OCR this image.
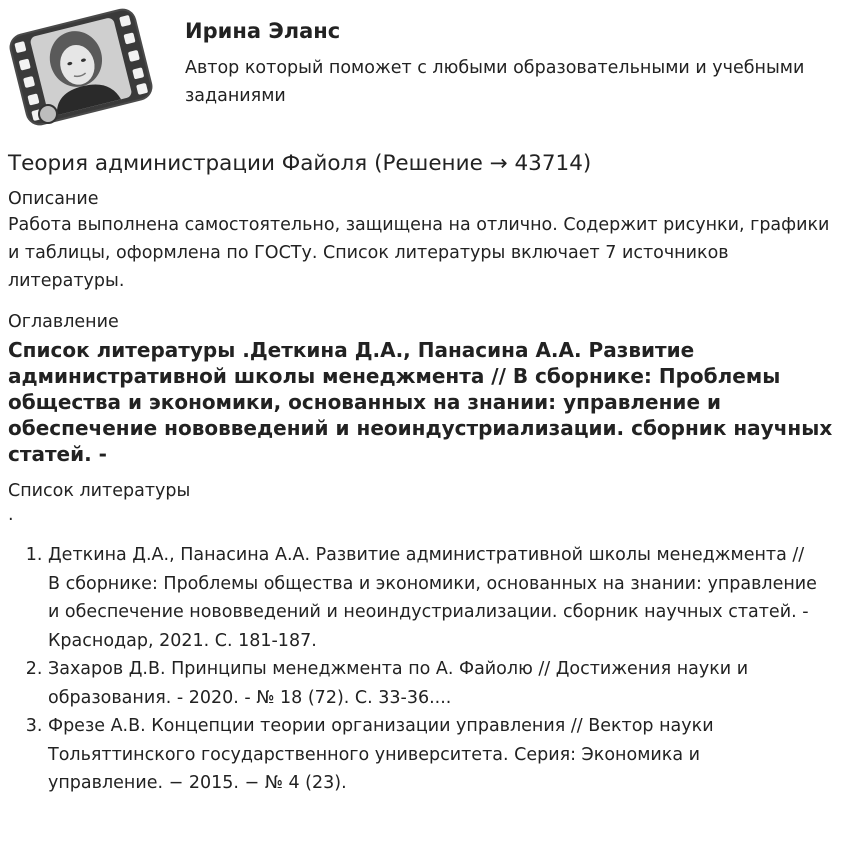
Ирина Эланс
Автор который поможет с любыми образовательными и учебными заданиями
Теория администрации Файоля (Решение → 43714)
Описание
Работа выполнена самостоятельно, защищена на отлично. Содержит рисунки, графики и таблицы, оформлена по ГОСТу. Список литературы включает 7 источников литературы.
Оглавление
Список литературы .Деткина Д.А., Панасина А.А. Развитие административной школы менеджмента // В сборнике: Проблемы общества и экономики, основанных на знании: управление и обеспечение нововведений и неоиндустриализации. сборник научных статей. -
Список литературы
.
1. Деткина Д.А., Панасина А.А. Развитие административной школы менеджмента // В сборнике: Проблемы общества и экономики, основанных на знании: управление и обеспечение нововведений и неоиндустриализации. сборник научных статей. - Краснодар, 2021. С. 181-187.
2. Захаров Д.В. Принципы менеджмента по А. Файолю // Достижения науки и образования. - 2020. - № 18 (72). С. 33-36....
3. Фрезе А.В. Концепции теории организации управления // Вектор науки Тольяттинского государственного университета. Серия: Экономика и управление. − 2015. − № 4 (23).
